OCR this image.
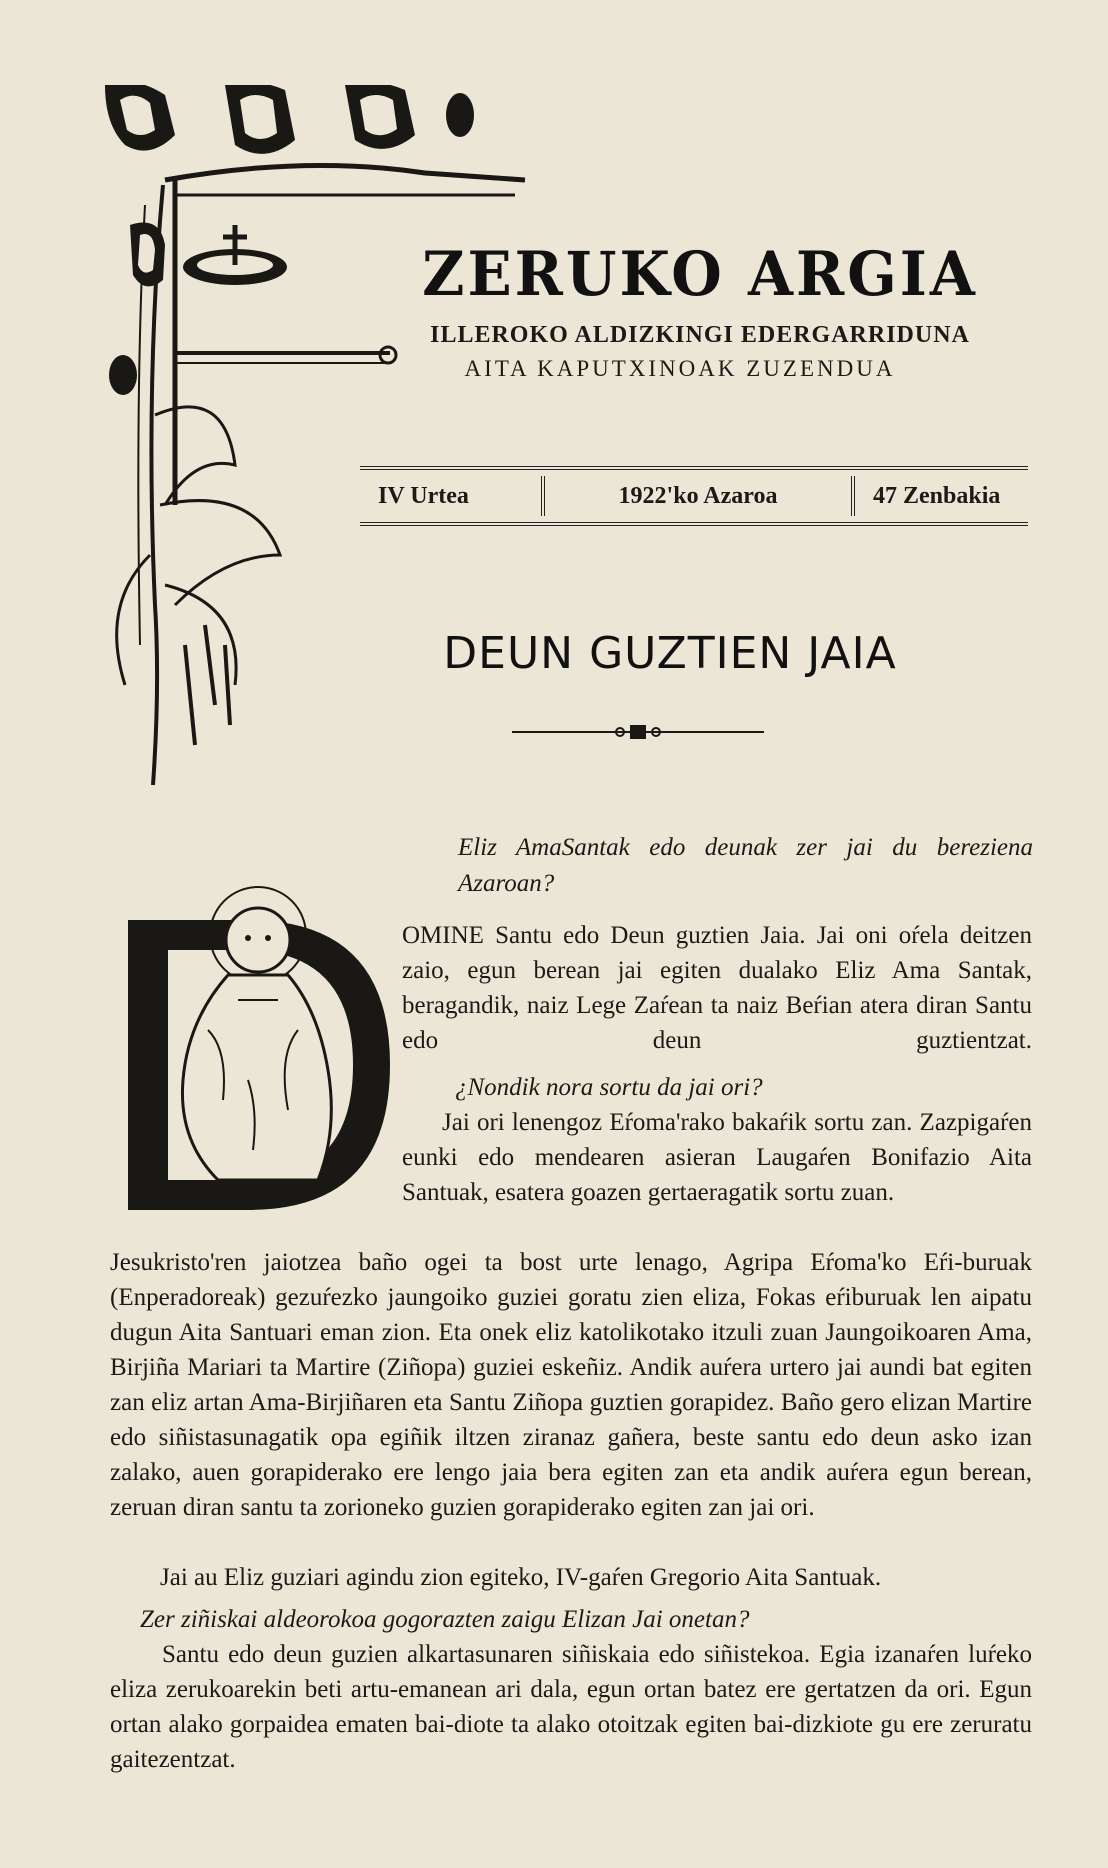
ZERUKO ARGIA
ILLEROKO ALDIZKINGI EDERGARRIDUNA
AITA KAPUTXINOAK ZUZENDUA
IV Urtea	1922'ko Azaroa	47 Zenbakia
DEUN GUZTIEN JAIA
Eliz AmaSantak edo deunak zer jai du bereziena Azaroan?
OMINE Santu edo Deun guztien Jaia. Jai oni oŕela deitzen zaio, egun berean jai egiten dualako Eliz Ama Santak, beragandik, naiz Lege Zaŕean ta naiz Beŕian atera diran Santu edo deun guztientzat.
¿Nondik nora sortu da jai ori?
Jai ori lenengoz Eŕoma'rako bakaŕik sortu zan. Zazpigaŕen eunki edo mendearen asieran Laugaŕen Bonifazio Aita Santuak, esatera goazen gertaeragatik sortu zuan.
Jesukristo'ren jaiotzea baño ogei ta bost urte lenago, Agripa Eŕoma'ko Eŕi-buruak (Enperadoreak) gezuŕezko jaungoiko guziei goratu zien eliza, Fokas eŕiburuak len aipatu dugun Aita Santuari eman zion. Eta onek eliz katolikotako itzuli zuan Jaungoikoaren Ama, Birjiña Mariari ta Martire (Ziñopa) guziei eskeñiz. Andik auŕera urtero jai aundi bat egiten zan eliz artan Ama-Birjiñaren eta Santu Ziñopa guztien gorapidez. Baño gero elizan Martire edo siñistasunagatik opa egiñik iltzen ziranaz gañera, beste santu edo deun asko izan zalako, auen gorapiderako ere lengo jaia bera egiten zan eta andik auŕera egun berean, zeruan diran santu ta zorioneko guzien gorapiderako egiten zan jai ori.
Jai au Eliz guziari agindu zion egiteko, IV-gaŕen Gregorio Aita Santuak.
Zer ziñiskai aldeorokoa gogorazten zaigu Elizan Jai onetan?
Santu edo deun guzien alkartasunaren siñiskaia edo siñistekoa. Egia izanaŕen luŕeko eliza zerukoarekin beti artu-emanean ari dala, egun ortan batez ere gertatzen da ori. Egun ortan alako gorpaidea ematen bai-diote ta alako otoitzak egiten bai-dizkiote gu ere zeruratu gaitezentzat.
